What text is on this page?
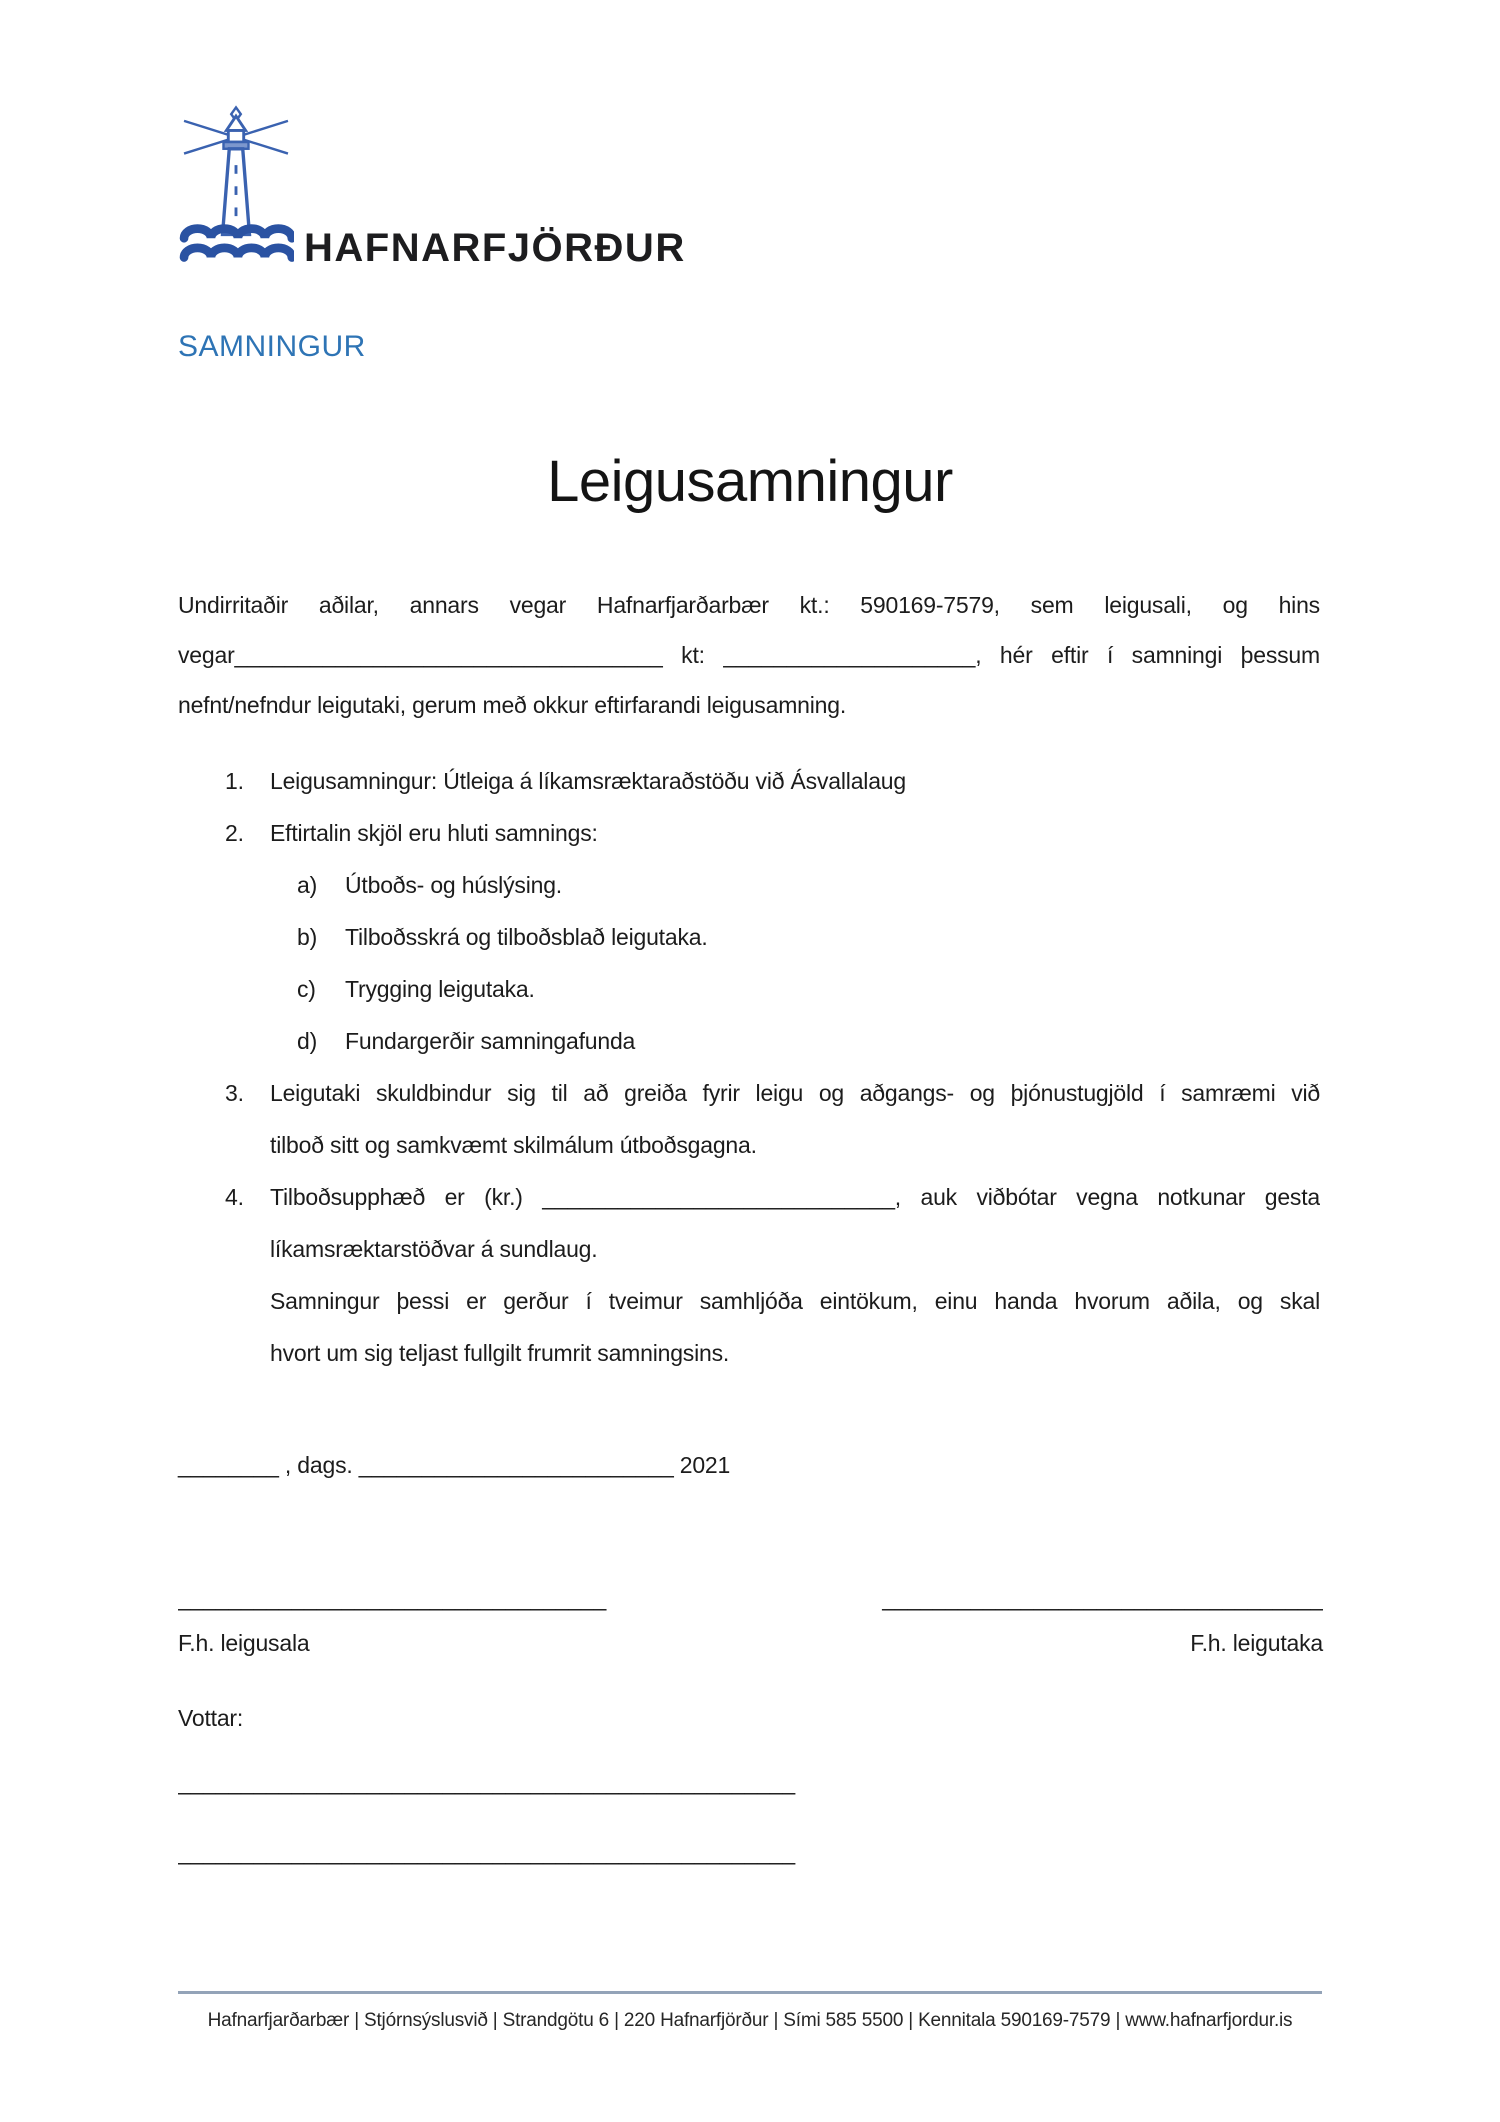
HAFNARFJÖRÐUR
SAMNINGUR
Leigusamningur
Undirritaðir aðilar, annars vegar Hafnarfjarðarbær kt.: 590169-7579, sem leigusali, og hins
vegar__________________________________ kt: ____________________, hér eftir í samningi þessum
nefnt/nefndur leigutaki, gerum með okkur eftirfarandi leigusamning.
1. Leigusamningur: Útleiga á líkamsræktaraðstöðu við Ásvallalaug
2. Eftirtalin skjöl eru hluti samnings:
a) Útboðs- og húslýsing.
b) Tilboðsskrá og tilboðsblað leigutaka.
c) Trygging leigutaka.
d) Fundargerðir samningafunda
3. Leigutaki skuldbindur sig til að greiða fyrir leigu og aðgangs- og þjónustugjöld í samræmi við
tilboð sitt og samkvæmt skilmálum útboðsgagna.
4. Tilboðsupphæð er (kr.) ____________________________, auk viðbótar vegna notkunar gesta
líkamsræktarstöðvar á sundlaug.
Samningur þessi er gerður í tveimur samhljóða eintökum, einu handa hvorum aðila, og skal
hvort um sig teljast fullgilt frumrit samningsins.
________ , dags. _________________________ 2021
__________________________________
F.h. leigusala
___________________________________
F.h. leigutaka
Vottar:
_________________________________________________
_________________________________________________
Hafnarfjarðarbær | Stjórnsýslusvið | Strandgötu 6 | 220 Hafnarfjörður | Sími 585 5500 | Kennitala 590169-7579 | www.hafnarfjordur.is
